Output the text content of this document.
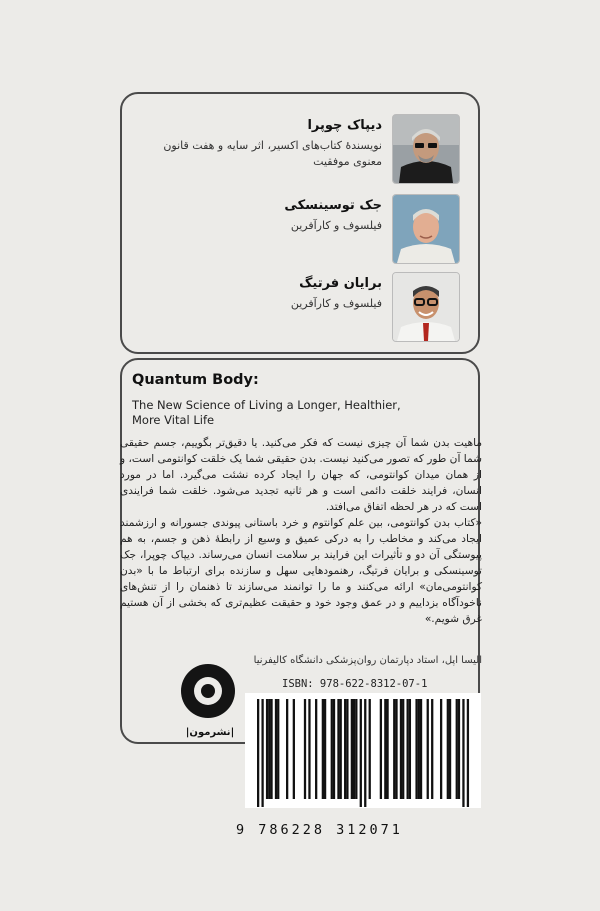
دیپاک چوپرا
نویسندهٔ کتاب‌های اکسیر، اثر سایه و هفت قانون معنوی موفقیت
جک توسینسکی
فیلسوف و کارآفرین
برایان فرتیگ
فیلسوف و کارآفرین
Quantum Body:
The New Science of Living a Longer, Healthier,
More Vital Life

ماهیت بدن شما آن چیزی نیست که فکر می‌کنید. یا دقیق‌تر بگوییم، جسم حقیقی شما آن طور که تصور می‌کنید نیست. بدن حقیقی شما یک خلقت کوانتومی است، و از همان میدان کوانتومی، که جهان را ایجاد کرده نشئت می‌گیرد. اما در مورد انسان، فرایند خلقت دائمی است و هر ثانیه تجدید می‌شود. خلقت شما فرایندی است که در هر لحظه اتفاق می‌افتد.

«کتاب بدن کوانتومی، بین علم کوانتوم و خرد باستانی پیوندی جسورانه و ارزشمند ایجاد می‌کند و مخاطب را به درکی عمیق و وسیع از رابطهٔ ذهن و جسم، به هم پیوستگی آن دو و تأثیرات این فرایند بر سلامت انسان می‌رساند. دیپاک چوپرا، جک توسینسکی و برایان فرتیگ، رهنمودهایی سهل و سازنده برای ارتباط ما با «بدن کوانتومی‌مان» ارائه می‌کنند و ما را توانمند می‌سازند تا ذهنمان را از تنش‌های ناخودآگاه بزداییم و در عمق وجود خود و حقیقت عظیم‌تری که بخشی از آن هستیم غرق شویم.»

الیسا اپل، استاد دپارتمان روان‌پزشکی دانشگاه کالیفرنیا
ISBN: 978-622-8312-07-1
9 786228 312071
|نشرمون|
